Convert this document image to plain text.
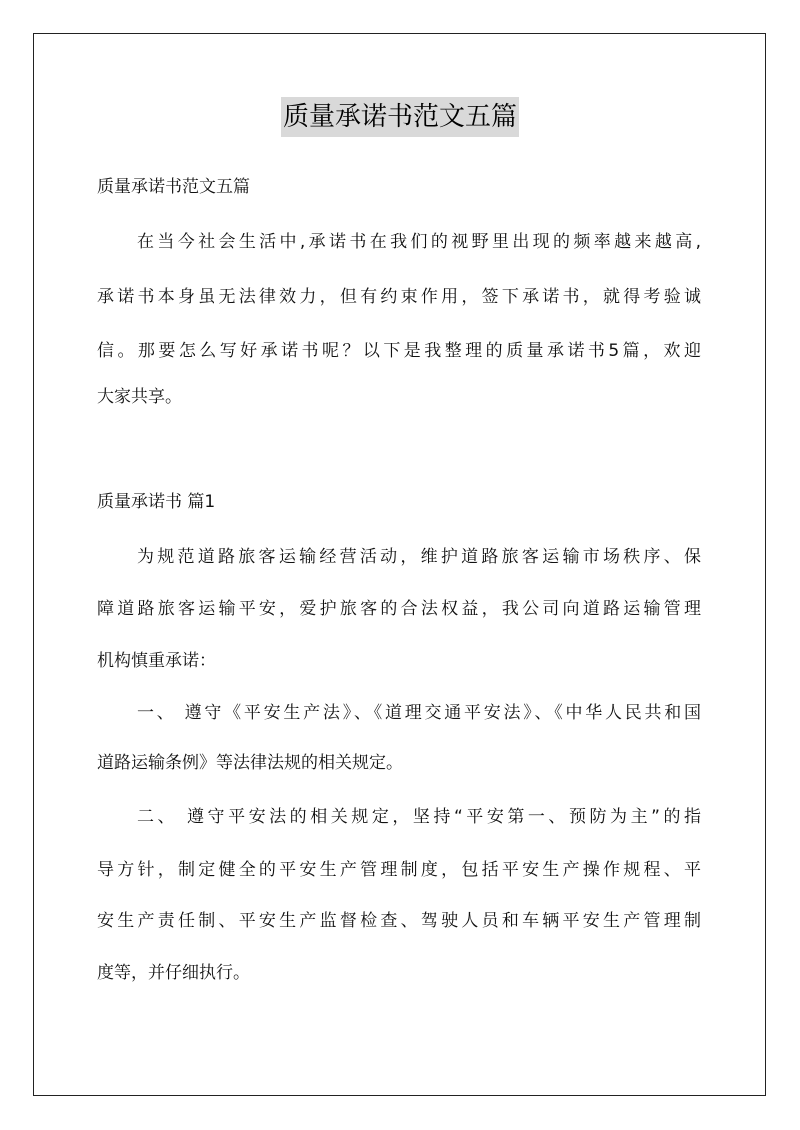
质量承诺书范文五篇
质量承诺书范文五篇
在当今社会生活中,承诺书在我们的视野里出现的频率越来越高,
承诺书本身虽无法律效力，但有约束作用，签下承诺书，就得考验诚
信。那要怎么写好承诺书呢？以下是我整理的质量承诺书5篇，欢迎
大家共享。
质量承诺书 篇1
为规范道路旅客运输经营活动，维护道路旅客运输市场秩序、保
障道路旅客运输平安，爱护旅客的合法权益，我公司向道路运输管理
机构慎重承诺：
一、 遵守《平安生产法》、《道理交通平安法》、《中华人民共和国
道路运输条例》等法律法规的相关规定。
二、 遵守平安法的相关规定，坚持“平安第一、预防为主”的指
导方针，制定健全的平安生产管理制度，包括平安生产操作规程、平
安生产责任制、平安生产监督检查、驾驶人员和车辆平安生产管理制
度等，并仔细执行。
